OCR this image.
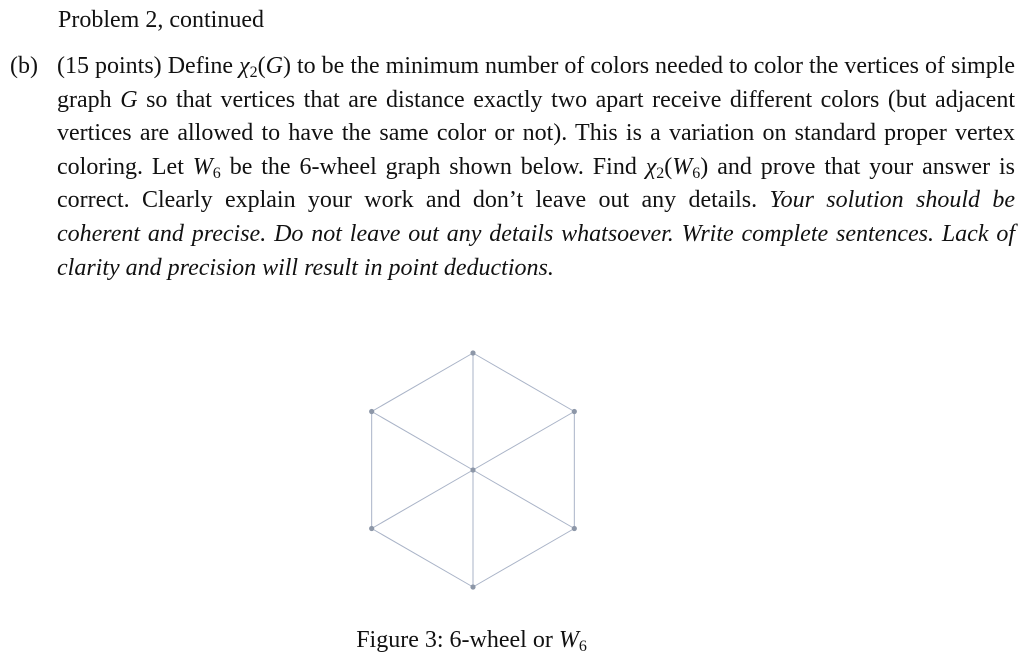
Problem 2, continued
(b) (15 points) Define $\chi_2(G)$ to be the minimum number of colors needed to color the vertices of simple graph G so that vertices that are distance exactly two apart receive different colors (but adjacent vertices are allowed to have the same color or not). This is a variation on standard proper vertex coloring. Let $W_6$ be the 6-wheel graph shown below. Find $\chi_2(W_6)$ and prove that your answer is correct. Clearly explain your work and don’t leave out any details. Your solution should be coherent and precise. Do not leave out any details whatsoever. Write complete sentences. Lack of clarity and precision will result in point deductions.
Figure 3: 6-wheel or $W_6$
